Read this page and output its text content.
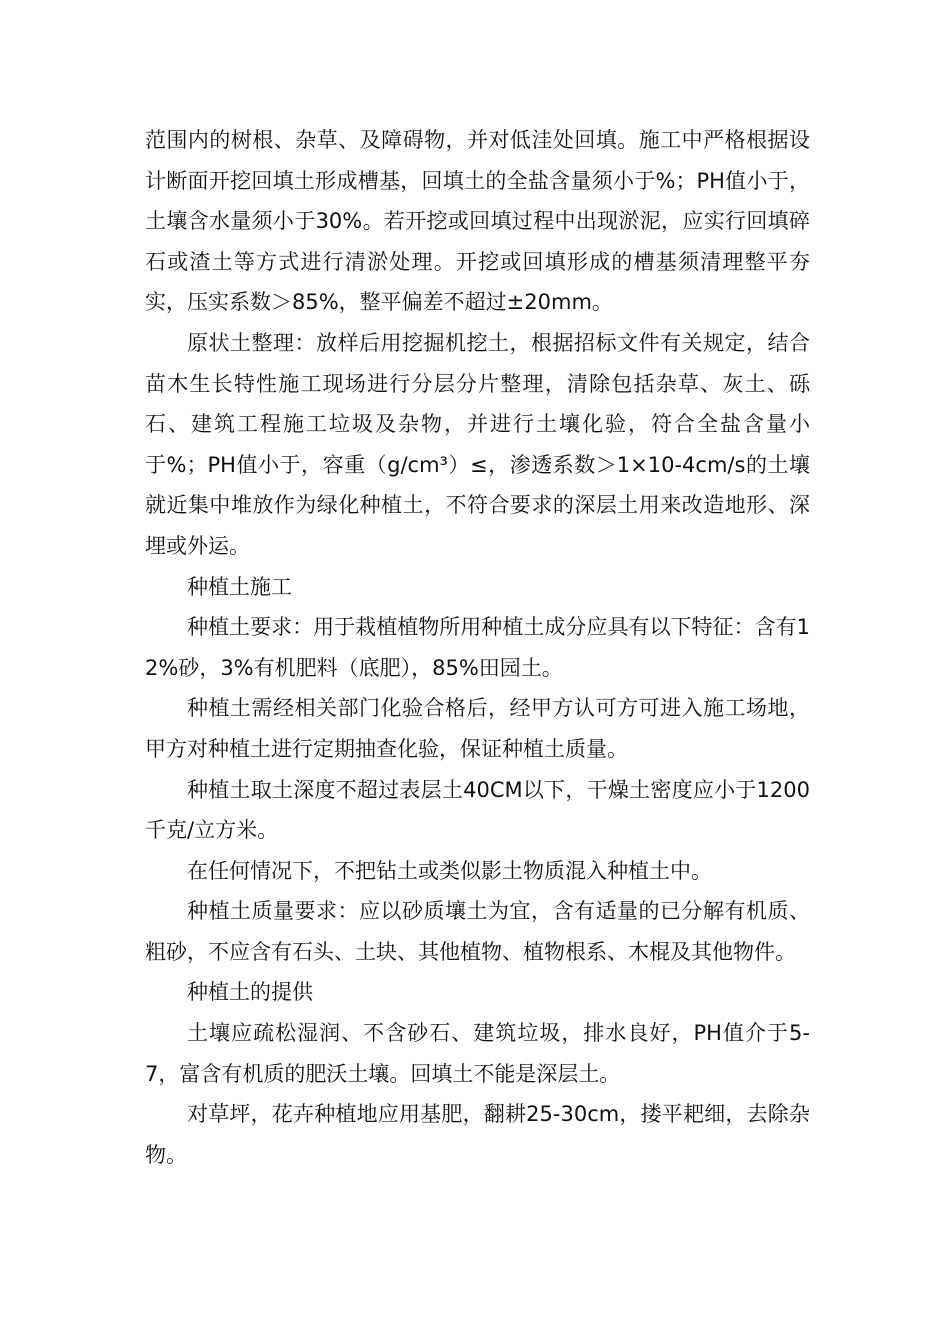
范围内的树根、杂草、及障碍物，并对低洼处回填。施工中严格根据设计断面开挖回填土形成槽基，回填土的全盐含量须小于%；PH值小于，土壤含水量须小于30%。若开挖或回填过程中出现淤泥，应实行回填碎石或渣土等方式进行清淤处理。开挖或回填形成的槽基须清理整平夯实，压实系数＞85%，整平偏差不超过±20mm。

原状土整理：放样后用挖掘机挖土，根据招标文件有关规定，结合苗木生长特性施工现场进行分层分片整理，清除包括杂草、灰土、砾石、建筑工程施工垃圾及杂物，并进行土壤化验，符合全盐含量小于%；PH值小于，容重（g/cm³）≤，渗透系数＞1×10-4cm/s的土壤就近集中堆放作为绿化种植土，不符合要求的深层土用来改造地形、深埋或外运。

种植土施工

种植土要求：用于栽植植物所用种植土成分应具有以下特征：含有12%砂，3%有机肥料（底肥），85%田园土。

种植土需经相关部门化验合格后，经甲方认可方可进入施工场地，甲方对种植土进行定期抽查化验，保证种植土质量。

种植土取土深度不超过表层土40CM以下，干燥土密度应小于1200千克/立方米。

在任何情况下，不把钻土或类似影土物质混入种植土中。

种植土质量要求：应以砂质壤土为宜，含有适量的已分解有机质、粗砂，不应含有石头、土块、其他植物、植物根系、木棍及其他物件。

种植土的提供

土壤应疏松湿润、不含砂石、建筑垃圾，排水良好，PH值介于5-7，富含有机质的肥沃土壤。回填土不能是深层土。

对草坪，花卉种植地应用基肥，翻耕25-30cm，搂平耙细，去除杂物。
